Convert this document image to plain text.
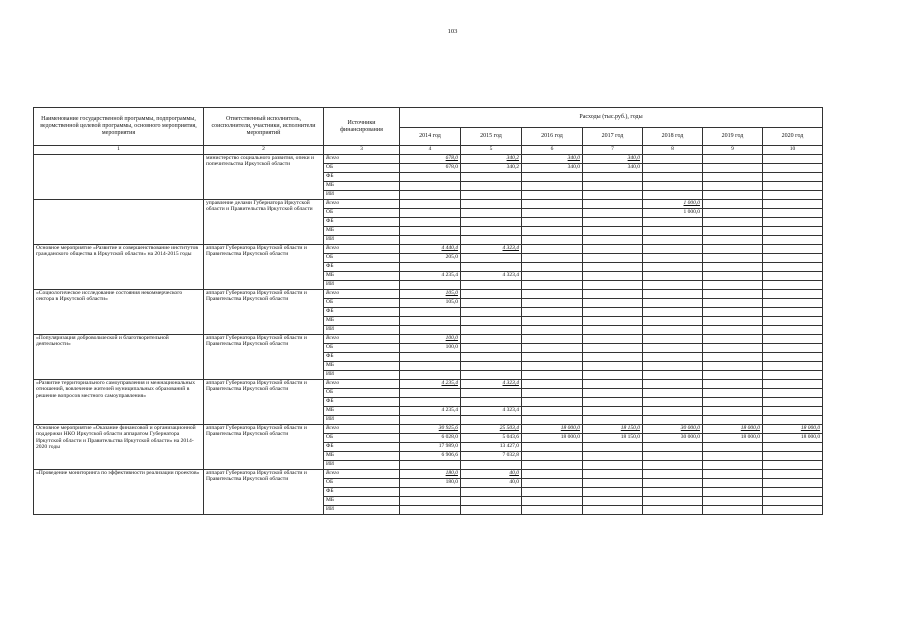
103
Наименование государственной программы, подпрограммы, ведомственной целевой программы, основного мероприятия, мероприятия	Ответственный исполнитель, соисполнители, участники, исполнители мероприятий	Источники финансирования	Расходы (тыс.руб.), годы						
			2014 год	2015 год	2016 год	2017 год	2018 год	2019 год	2020 год
1	2	3	4	5	6	7	8	9	10
	министерство социального развития, опеки и попечительства Иркутской области	Всего	678,0	340,2	340,0	340,0			
		ОБ	678,0	340,2	340,0	340,0			
		ФБ							
		МБ							
		ИИ							
	управление делами Губернатора Иркутской области и Правительства Иркутской области	Всего					1 000,0		
		ОБ					1 000,0		
		ФБ							
		МБ							
		ИИ							
Основное мероприятие «Развитие и совершенствование институтов гражданского общества в Иркутской области» на 2014-2015 годы	аппарат Губернатора Иркутской области и Правительства Иркутской области	Всего	4 440,4	4 323,4					
		ОБ	205,0						
		ФБ							
		МБ	4 235,4	4 323,4					
		ИИ							
«Социологическое исследование состояния некоммерческого сектора в Иркутской области»	аппарат Губернатора Иркутской области и Правительства Иркутской области	Всего	105,0						
		ОБ	105,0						
		ФБ							
		МБ							
		ИИ							
«Популяризация добровольческой и благотворительной деятельности»	аппарат Губернатора Иркутской области и Правительства Иркутской области	Всего	100,0						
		ОБ	100,0						
		ФБ							
		МБ							
		ИИ							
«Развитие территориального самоуправления и межнациональных отношений, вовлечение жителей муниципальных образований в решение вопросов местного самоуправления»	аппарат Губернатора Иркутской области и Правительства Иркутской области	Всего	4 235,4	4 323,4					
		ОБ							
		ФБ							
		МБ	4 235,4	4 323,4					
		ИИ							
Основное мероприятие «Оказание финансовой и организационной поддержки НКО Иркутской области аппаратом Губернатора Иркутской области и Правительства Иркутской области» на 2014-2020 годы	аппарат Губернатора Иркутской области и Правительства Иркутской области	Всего	30 925,6	25 503,4	18 000,0	18 150,0	30 000,0	18 000,0	18 000,0
		ОБ	6 028,0	5 043,6	18 000,0	18 150,0	30 000,0	18 000,0	18 000,0
		ФБ	17 989,0	13 427,0					
		МБ	6 906,6	7 032,8					
		ИИ							
«Проведение мониторинга по эффективности реализации проектов»	аппарат Губернатора Иркутской области и Правительства Иркутской области	Всего	180,0	40,0					
		ОБ	180,0	40,0					
		ФБ							
		МБ							
		ИИ							
